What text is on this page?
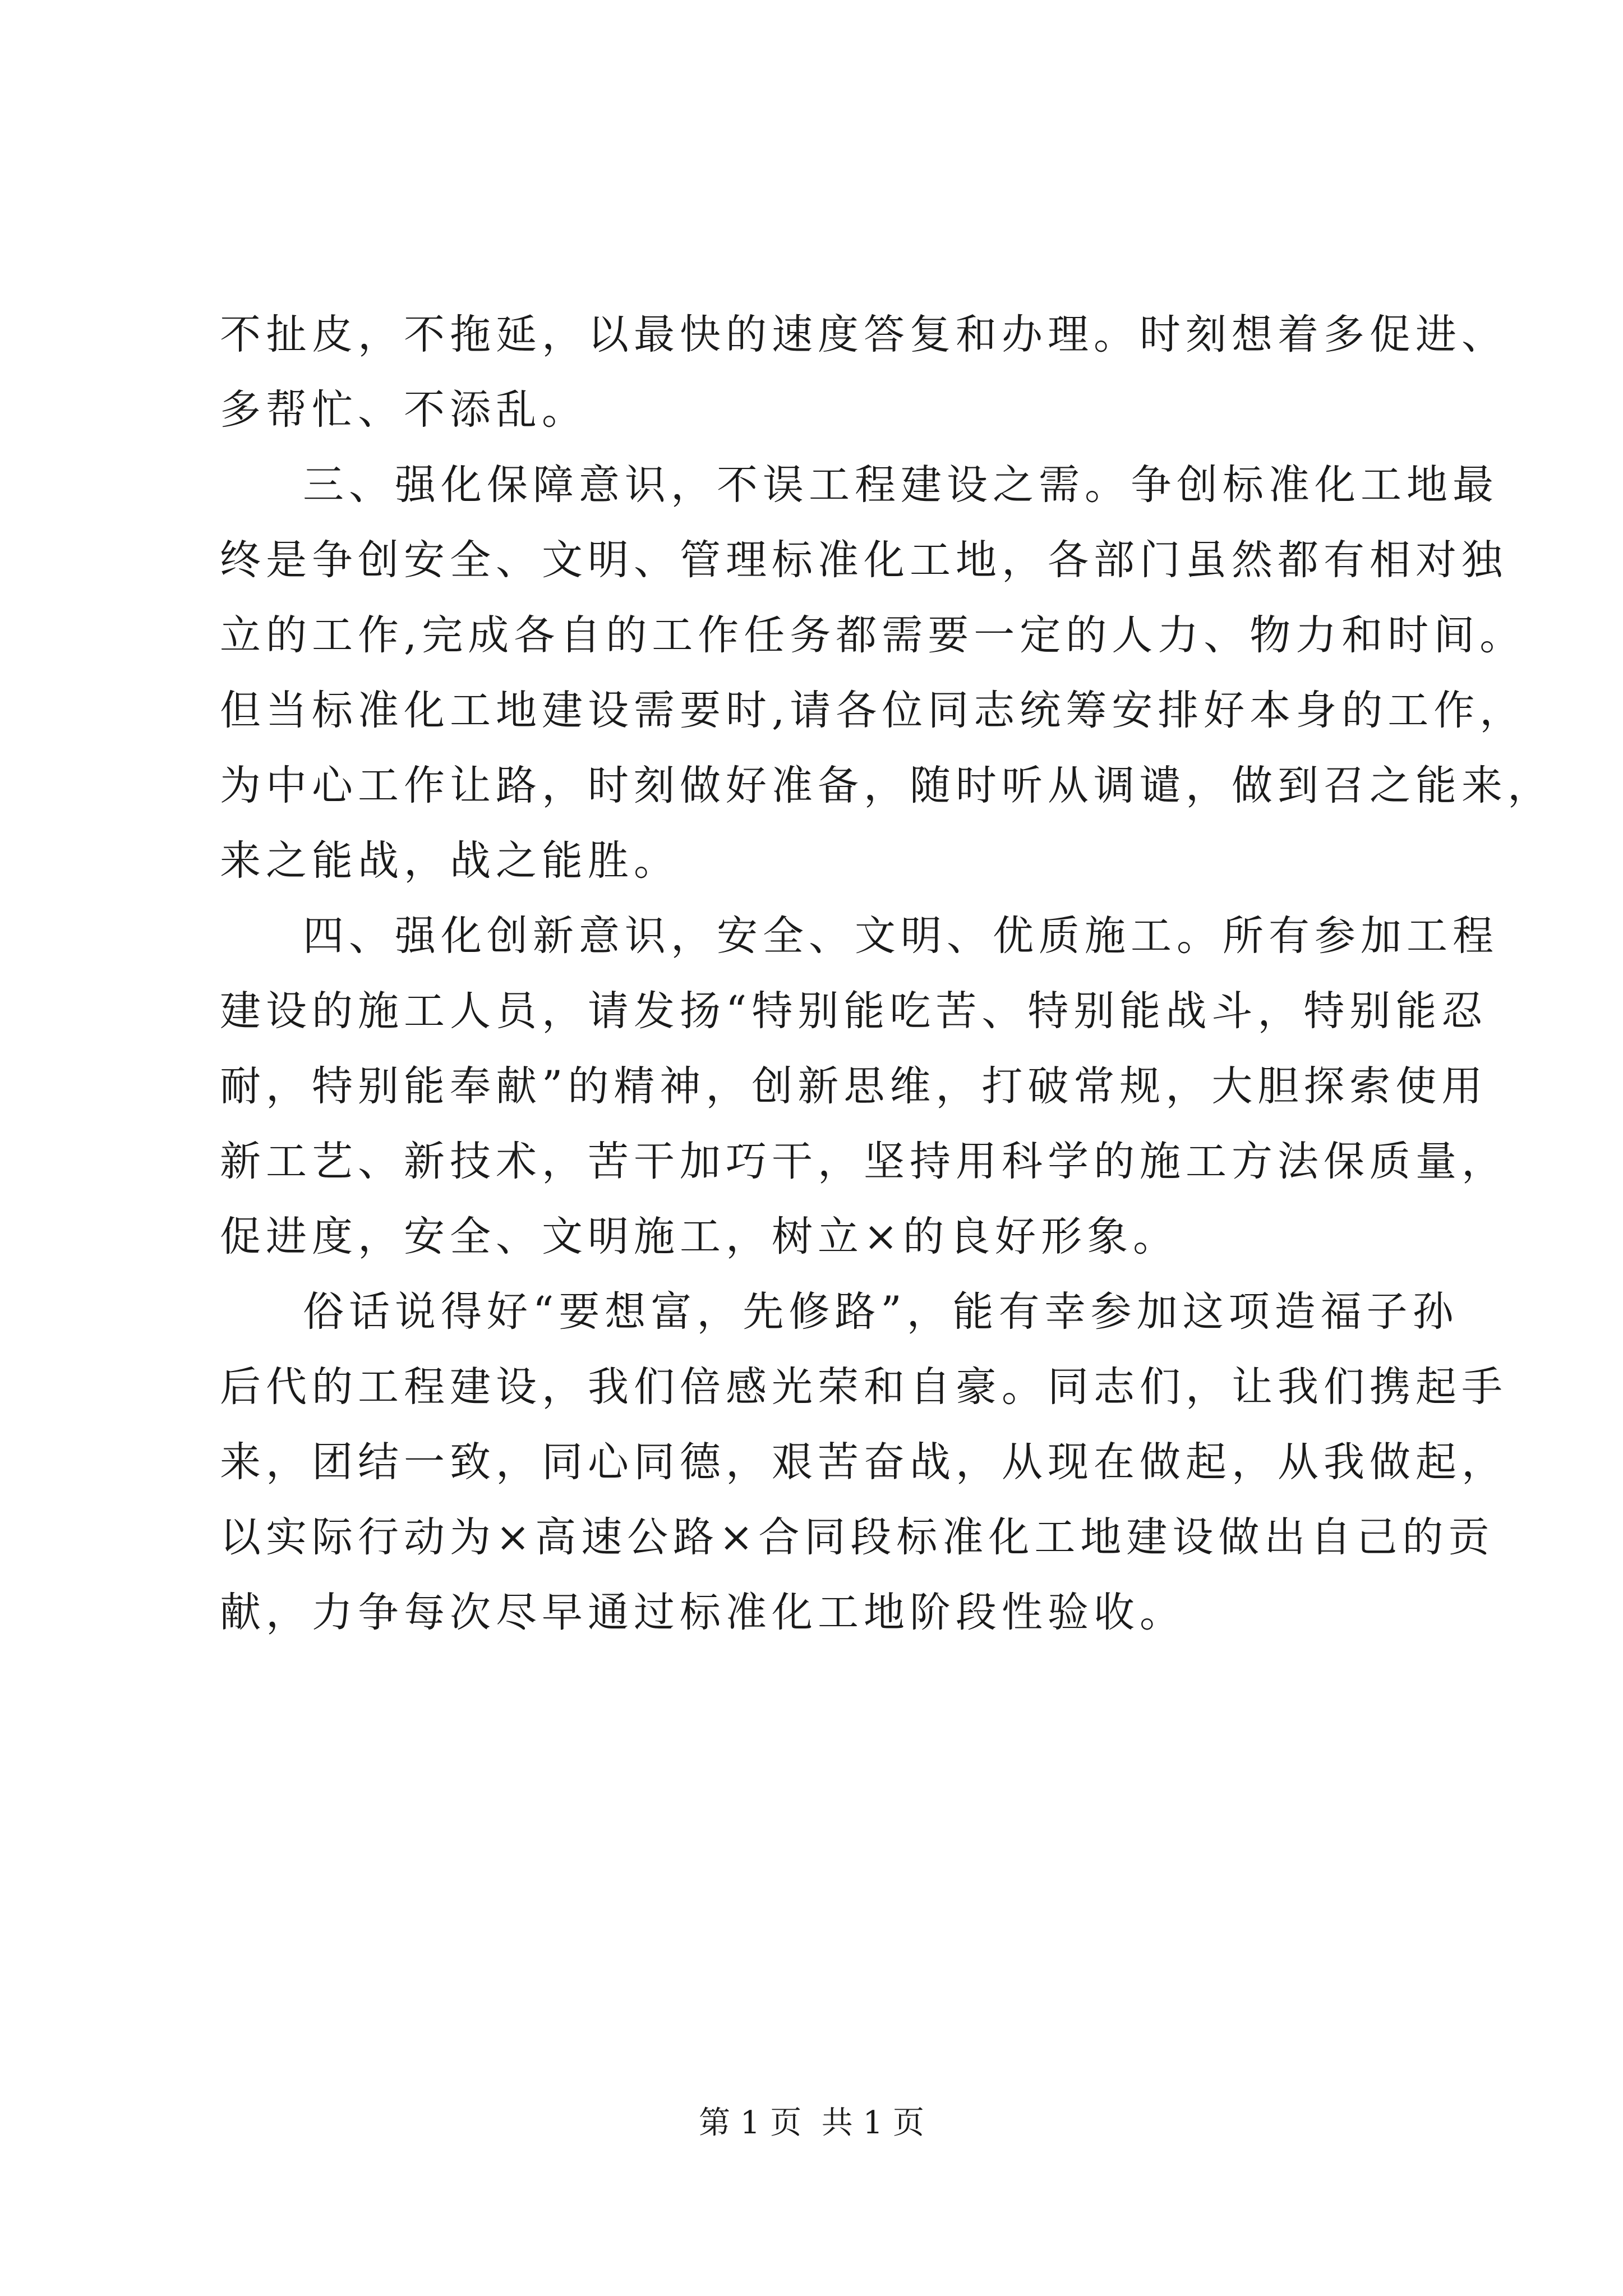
不扯皮，不拖延，以最快的速度答复和办理。时刻想着多促进、
多帮忙、不添乱。
三、强化保障意识，不误工程建设之需。争创标准化工地最
终是争创安全、文明、管理标准化工地，各部门虽然都有相对独
立的工作,完成各自的工作任务都需要一定的人力、物力和时间。
但当标准化工地建设需要时,请各位同志统筹安排好本身的工作，
为中心工作让路，时刻做好准备，随时听从调谴，做到召之能来，
来之能战，战之能胜。
四、强化创新意识，安全、文明、优质施工。所有参加工程
建设的施工人员，请发扬“特别能吃苦、特别能战斗，特别能忍
耐，特别能奉献”的精神，创新思维，打破常规，大胆探索使用
新工艺、新技术，苦干加巧干，坚持用科学的施工方法保质量，
促进度，安全、文明施工，树立×的良好形象。
俗话说得好“要想富，先修路”，能有幸参加这项造福子孙
后代的工程建设，我们倍感光荣和自豪。同志们，让我们携起手
来，团结一致，同心同德，艰苦奋战，从现在做起，从我做起，
以实际行动为×高速公路×合同段标准化工地建设做出自己的贡
献，力争每次尽早通过标准化工地阶段性验收。
第 1 页  共 1 页
